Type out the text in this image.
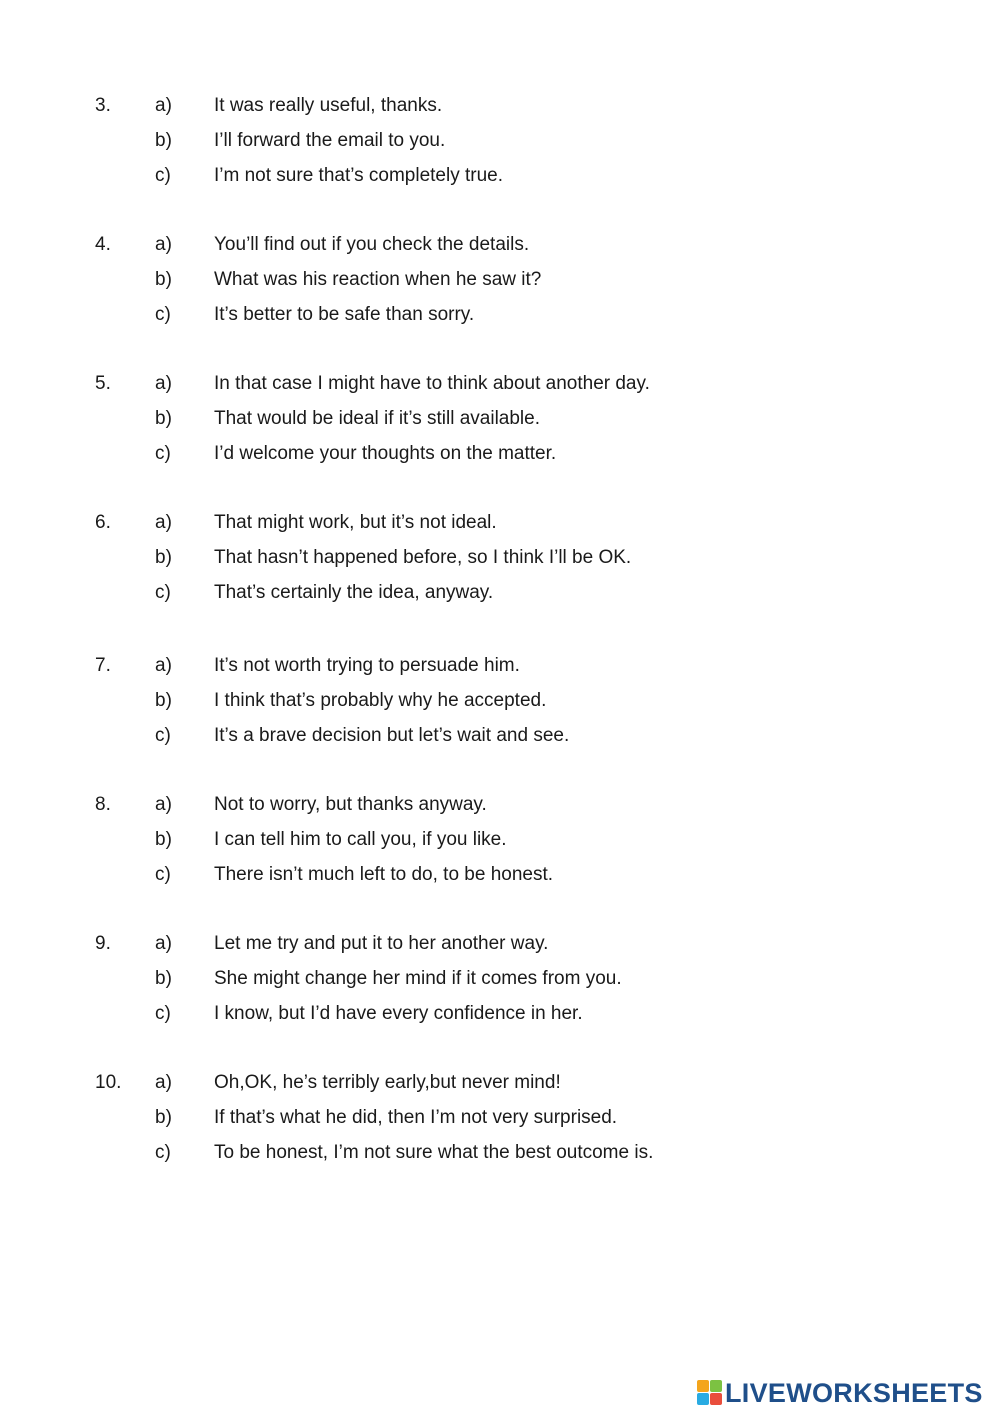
3. a) It was really useful, thanks.
b) I’ll forward the email to you.
c) I’m not sure that’s completely true.
4. a) You’ll find out if you check the details.
b) What was his reaction when he saw it?
c) It’s better to be safe than sorry.
5. a) In that case I might have to think about another day.
b) That would be ideal if it’s still available.
c) I’d welcome your thoughts on the matter.
6. a) That might work, but it’s not ideal.
b) That hasn’t happened before, so I think I’ll be OK.
c) That’s certainly the idea, anyway.
7. a) It’s not worth trying to persuade him.
b) I think that’s probably why he accepted.
c) It’s a brave decision but let’s wait and see.
8. a) Not to worry, but thanks anyway.
b) I can tell him to call you, if you like.
c) There isn’t much left to do, to be honest.
9. a) Let me try and put it to her another way.
b) She might change her mind if it comes from you.
c) I know, but I’d have every confidence in her.
10. a) Oh,OK, he’s terribly early,but never mind!
b) If that’s what he did, then I’m not very surprised.
c) To be honest, I’m not sure what the best outcome is.
LIVEWORKSHEETS
